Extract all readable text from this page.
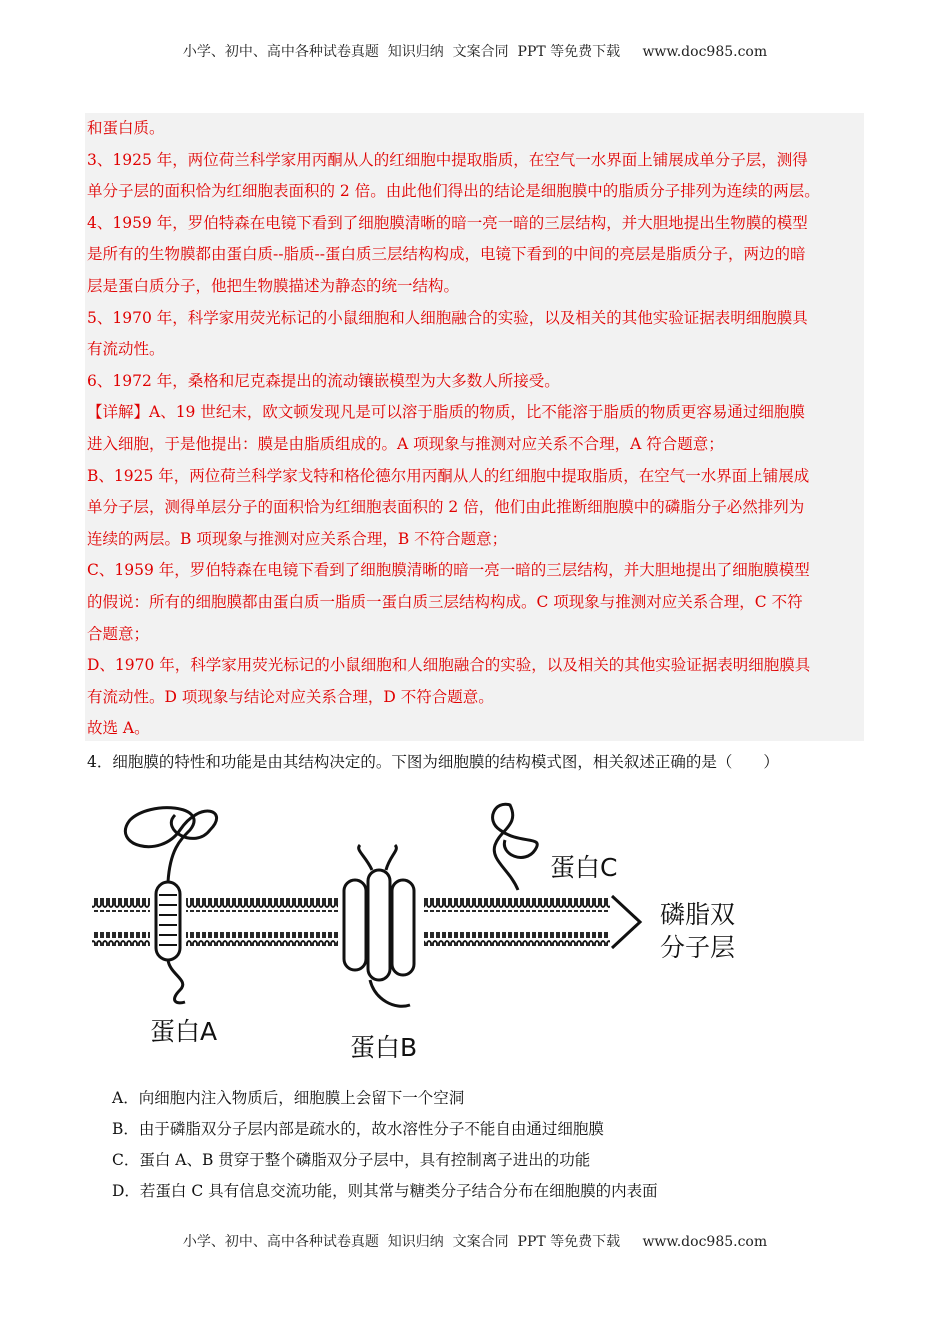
小学、初中、高中各种试卷真题  知识归纳  文案合同  PPT 等免费下载     www.doc985.com
和蛋白质。
3、1925 年，两位荷兰科学家用丙酮从人的红细胞中提取脂质，在空气一水界面上铺展成单分子层，测得
单分子层的面积恰为红细胞表面积的 2 倍。由此他们得出的结论是细胞膜中的脂质分子排列为连续的两层。
4、1959 年，罗伯特森在电镜下看到了细胞膜清晰的暗一亮一暗的三层结构，并大胆地提出生物膜的模型
是所有的生物膜都由蛋白质--脂质--蛋白质三层结构构成，电镜下看到的中间的亮层是脂质分子，两边的暗
层是蛋白质分子，他把生物膜描述为静态的统一结构。
5、1970 年，科学家用荧光标记的小鼠细胞和人细胞融合的实验，以及相关的其他实验证据表明细胞膜具
有流动性。
6、1972 年，桑格和尼克森提出的流动镶嵌模型为大多数人所接受。
【详解】A、19 世纪末，欧文顿发现凡是可以溶于脂质的物质，比不能溶于脂质的物质更容易通过细胞膜
进入细胞，于是他提出：膜是由脂质组成的。A 项现象与推测对应关系不合理，A 符合题意；
B、1925 年，两位荷兰科学家戈特和格伦德尔用丙酮从人的红细胞中提取脂质，在空气一水界面上铺展成
单分子层，测得单层分子的面积恰为红细胞表面积的 2 倍，他们由此推断细胞膜中的磷脂分子必然排列为
连续的两层。B 项现象与推测对应关系合理，B 不符合题意；
C、1959 年，罗伯特森在电镜下看到了细胞膜清晰的暗一亮一暗的三层结构，并大胆地提出了细胞膜模型
的假说：所有的细胞膜都由蛋白质一脂质一蛋白质三层结构构成。C 项现象与推测对应关系合理，C 不符
合题意；
D、1970 年，科学家用荧光标记的小鼠细胞和人细胞融合的实验，以及相关的其他实验证据表明细胞膜具
有流动性。D 项现象与结论对应关系合理，D 不符合题意。
故选 A。
4．细胞膜的特性和功能是由其结构决定的。下图为细胞膜的结构模式图，相关叙述正确的是（　　）
蛋白A
蛋白B
蛋白C
磷脂双
分子层
A．向细胞内注入物质后，细胞膜上会留下一个空洞
B．由于磷脂双分子层内部是疏水的，故水溶性分子不能自由通过细胞膜
C．蛋白 A、B 贯穿于整个磷脂双分子层中，具有控制离子进出的功能
D．若蛋白 C 具有信息交流功能，则其常与糖类分子结合分布在细胞膜的内表面
小学、初中、高中各种试卷真题  知识归纳  文案合同  PPT 等免费下载     www.doc985.com
